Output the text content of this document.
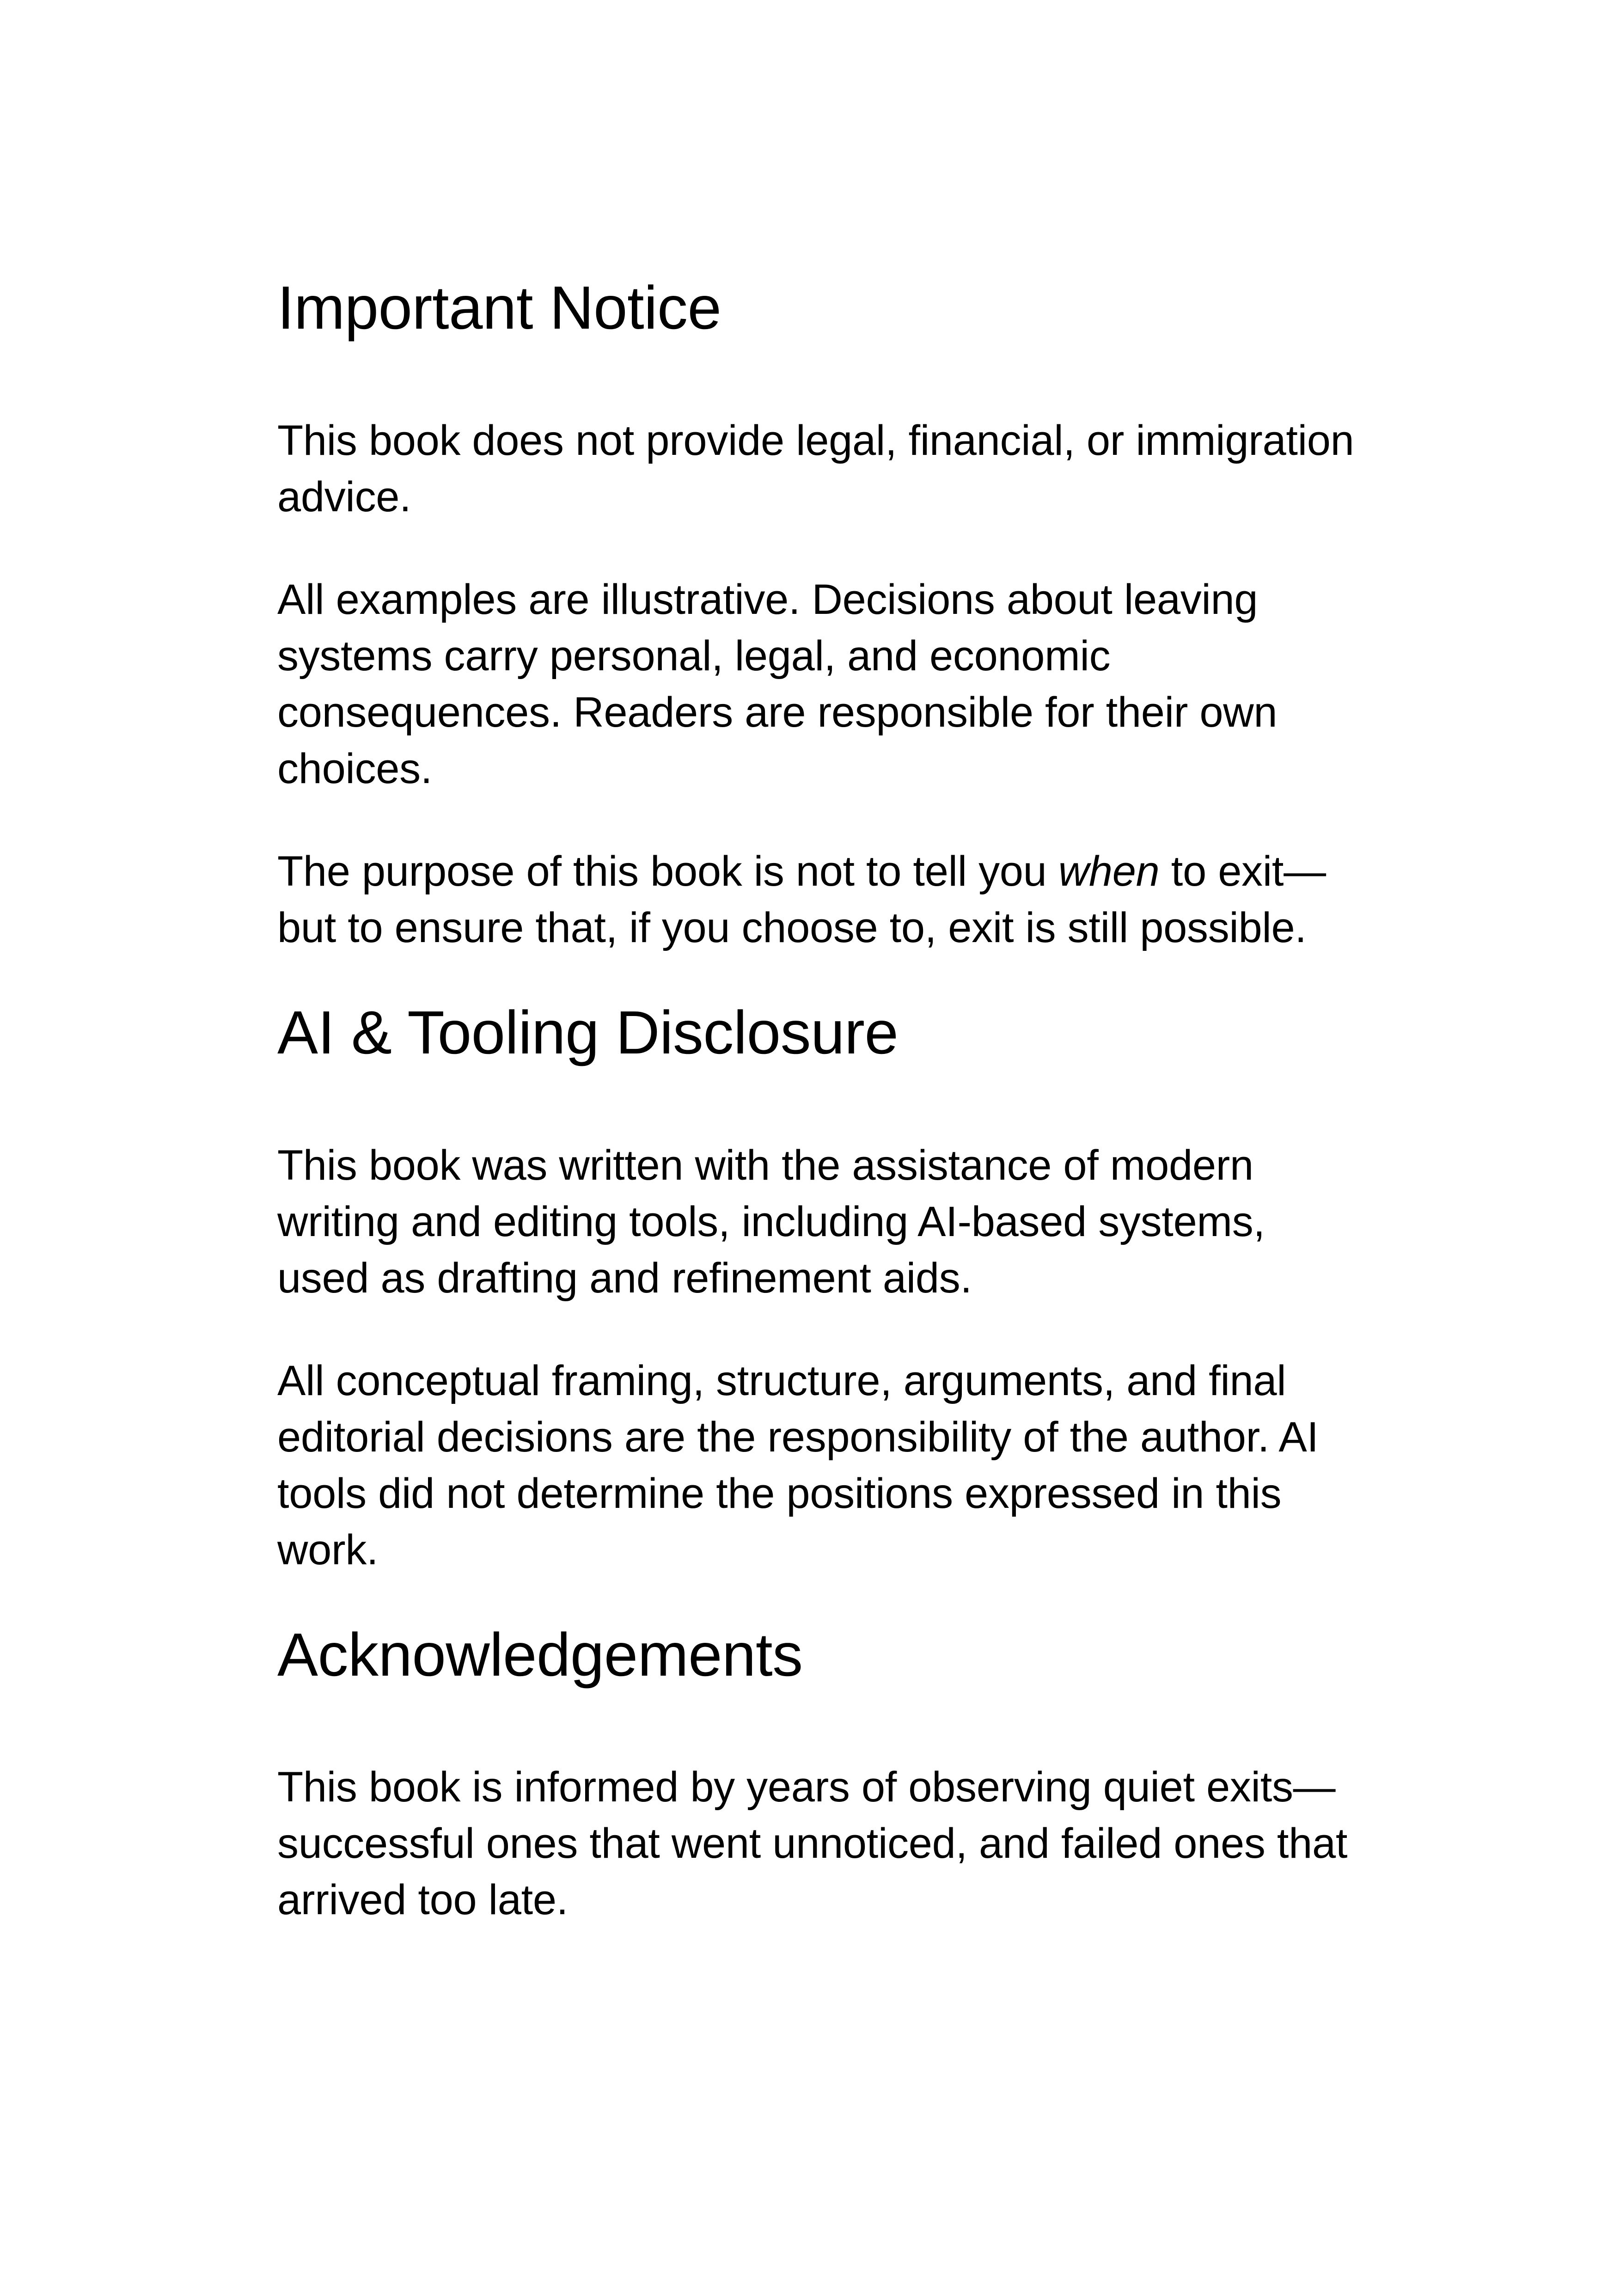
Important Notice

This book does not provide legal, financial, or immigration advice.

All examples are illustrative. Decisions about leaving systems carry personal, legal, and economic consequences. Readers are responsible for their own choices.

The purpose of this book is not to tell you when to exit—but to ensure that, if you choose to, exit is still possible.

AI & Tooling Disclosure

This book was written with the assistance of modern writing and editing tools, including AI-based systems, used as drafting and refinement aids.

All conceptual framing, structure, arguments, and final editorial decisions are the responsibility of the author. AI tools did not determine the positions expressed in this work.

Acknowledgements

This book is informed by years of observing quiet exits—successful ones that went unnoticed, and failed ones that arrived too late.
